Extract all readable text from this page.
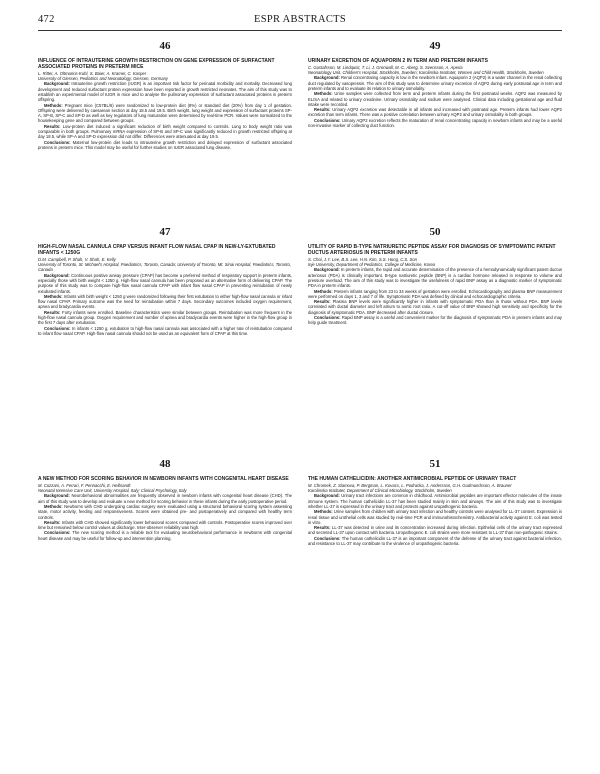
472	ESPR ABSTRACTS
46
INFLUENCE OF INTRAUTERINE GROWTH RESTRICTION ON GENE EXPRESSION OF SURFACTANT ASSOCIATED PROTEINS IN PRETERM MICE

L. Ritter, A. Oltmanns-Kuhl, S. Baier, A. Kramer, C. Kasper

University of Giessen, Pediatrics and Neonatology, Giessen, Germany

Background: Intrauterine growth restriction (IUGR) is an important risk factor for perinatal morbidity and mortality. Decreased lung development and reduced surfactant protein expression have been reported in growth restricted neonates. The aim of this study was to establish an experimental model of IUGR in mice and to analyse the pulmonary expression of surfactant associated proteins in preterm offspring.

Methods: Pregnant mice (C57BL/6) were randomized to low-protein diet (8%) or standard diet (20%) from day 1 of gestation. Offspring were delivered by caesarean section at day 18.5 and 19.5. Birth weight, lung weight and expression of surfactant proteins SP-A, SP-B, SP-C and SP-D as well as key regulators of lung maturation were determined by real-time PCR. Values were normalized to the housekeeping gene and compared between groups.

Results: Low-protein diet induced a significant reduction of birth weight compared to controls. Lung to body weight ratio was comparable in both groups. Pulmonary mRNA expression of SP-B and SP-C was significantly reduced in growth restricted offspring at day 18.5, while SP-A and SP-D expression did not differ. Differences were attenuated at day 19.5.

Conclusions: Maternal low-protein diet leads to intrauterine growth restriction and delayed expression of surfactant associated proteins in preterm mice. This model may be useful for further studies on IUGR associated lung disease.

49
URINARY EXCRETION OF AQUAPORIN 2 IN TERM AND PRETERM INFANTS

C. Gustafsson, M. Lindquist, T. Li, J. Gronwall, M.-C. Aberg, S. Svensson, A. Aperia

Neonatology Unit, Children's Hospital, Stockholm, Sweden; Karolinska Institutet, Women and Child Health, Stockholm, Sweden

Background: Renal concentrating capacity is low in the newborn infant. Aquaporin 2 (AQP2) is a water channel in the renal collecting duct regulated by vasopressin. The aim of this study was to determine urinary excretion of AQP2 during early postnatal age in term and preterm infants and to evaluate its relation to urinary osmolality.

Methods: Urine samples were collected from term and preterm infants during the first postnatal weeks. AQP2 was measured by ELISA and related to urinary creatinine. Urinary osmolality and sodium were analysed. Clinical data including gestational age and fluid intake were recorded.

Results: Urinary AQP2 excretion was detectable in all infants and increased with postnatal age. Preterm infants had lower AQP2 excretion than term infants. There was a positive correlation between urinary AQP2 and urinary osmolality in both groups.

Conclusions: Urinary AQP2 excretion reflects the maturation of renal concentrating capacity in newborn infants and may be a useful non-invasive marker of collecting duct function.

47
HIGH-FLOW NASAL CANNULA CPAP VERSUS INFANT FLOW NASAL CPAP IN NEW-LY-EXTUBATED INFANTS < 1250G

D.M. Campbell, P. Shah, V. Shah, E. Kelly

University of Toronto, St. Michael's Hospital, Paediatrics, Toronto, Canada; University of Toronto, Mt. Sinai Hospital, Paediatrics, Toronto, Canada

Background: Continuous positive airway pressure (CPAP) has become a preferred method of respiratory support in preterm infants, especially those with birth weight < 1250 g. High-flow nasal cannula has been proposed as an alternative form of delivering CPAP. The purpose of this study was to compare high-flow nasal cannula CPAP with infant flow nasal CPAP in preventing reintubation of newly extubated infants.

Methods: Infants with birth weight < 1250 g were randomized following their first extubation to either high-flow nasal cannula or infant flow nasal CPAP. Primary outcome was the need for reintubation within 7 days. Secondary outcomes included oxygen requirement, apnea and bradycardia events.

Results: Forty infants were enrolled. Baseline characteristics were similar between groups. Reintubation was more frequent in the high-flow nasal cannula group. Oxygen requirement and number of apnea and bradycardia events were higher in the high-flow group in the first 7 days after extubation.

Conclusions: In infants < 1250 g, extubation to high-flow nasal cannula was associated with a higher rate of reintubation compared to infant flow nasal CPAP. High-flow nasal cannula should not be used as an equivalent form of CPAP at this time.

50
UTILITY OF RAPID B-TYPE NATRIURETIC PEPTIDE ASSAY FOR DIAGNOSIS OF SYMPTOMATIC PATENT DUCTUS ARTERIOSUS IN PRETERM INFANTS

S. Choi, J.Y. Lee, B.S. Lee, H.N. Kim, S.S. Hong, C.S. Son

Inje University, Department of Pediatrics, College of Medicine, Korea

Background: In preterm infants, the rapid and accurate determination of the presence of a hemodynamically significant patent ductus arteriosus (PDA) is clinically important. B-type natriuretic peptide (BNP) is a cardiac hormone released in response to volume and pressure overload. The aim of this study was to investigate the usefulness of rapid BNP assay as a diagnostic marker of symptomatic PDA in preterm infants.

Methods: Preterm infants ranging from 23 to 34 weeks of gestation were enrolled. Echocardiography and plasma BNP measurement were performed on days 1, 3 and 7 of life. Symptomatic PDA was defined by clinical and echocardiographic criteria.

Results: Plasma BNP levels were significantly higher in infants with symptomatic PDA than in those without PDA. BNP levels correlated with ductal diameter and left atrium to aortic root ratio. A cut-off value of BNP showed high sensitivity and specificity for the diagnosis of symptomatic PDA. BNP decreased after ductal closure.

Conclusions: Rapid BNP assay is a useful and convenient marker for the diagnosis of symptomatic PDA in preterm infants and may help guide treatment.

48
A NEW METHOD FOR SCORING BEHAVIOR IN NEWBORN INFANTS WITH CONGENITAL HEART DISEASE

M. Cozzani, A. Ferrari, F. Pennacchi, E. Helbrandt

Neonatal Intensive Care Unit, University Hospital, Italy; Clinical Psychology, Italy

Background: Neurobehavioral abnormalities are frequently observed in newborn infants with congenital heart disease (CHD). The aim of this study was to develop and evaluate a new method for scoring behavior in these infants during the early postoperative period.

Methods: Newborns with CHD undergoing cardiac surgery were evaluated using a structured behavioral scoring system assessing state, motor activity, feeding and responsiveness. Scores were obtained pre- and postoperatively and compared with healthy term controls.

Results: Infants with CHD showed significantly lower behavioral scores compared with controls. Postoperative scores improved over time but remained below control values at discharge. Inter-observer reliability was high.

Conclusions: The new scoring method is a reliable tool for evaluating neurobehavioral performance in newborns with congenital heart disease and may be useful for follow-up and intervention planning.

51
THE HUMAN CATHELICIDIN: ANOTHER ANTIMICROBIAL PEPTIDE OF URINARY TRACT

M. Chromek, Z. Slamova, P. Bergman, L. Kovacs, L. Podracka, J. Andersson, G.H. Gudmundsson, A. Brauner

Karolinska Institutet, Department of Clinical Microbiology, Stockholm, Sweden

Background: Urinary tract infections are common in childhood. Antimicrobial peptides are important effector molecules of the innate immune system. The human cathelicidin LL-37 has been studied mainly in skin and airways. The aim of this study was to investigate whether LL-37 is expressed in the urinary tract and protects against uropathogenic bacteria.

Methods: Urine samples from children with urinary tract infection and healthy controls were analysed for LL-37 content. Expression in renal tissue and urothelial cells was studied by real-time PCR and immunohistochemistry. Antibacterial activity against E. coli was tested in vitro.

Results: LL-37 was detected in urine and its concentration increased during infection. Epithelial cells of the urinary tract expressed and secreted LL-37 upon contact with bacteria. Uropathogenic E. coli strains were more resistant to LL-37 than non-pathogenic strains.

Conclusions: The human cathelicidin LL-37 is an important component of the defense of the urinary tract against bacterial infection, and resistance to LL-37 may contribute to the virulence of uropathogenic bacteria.
